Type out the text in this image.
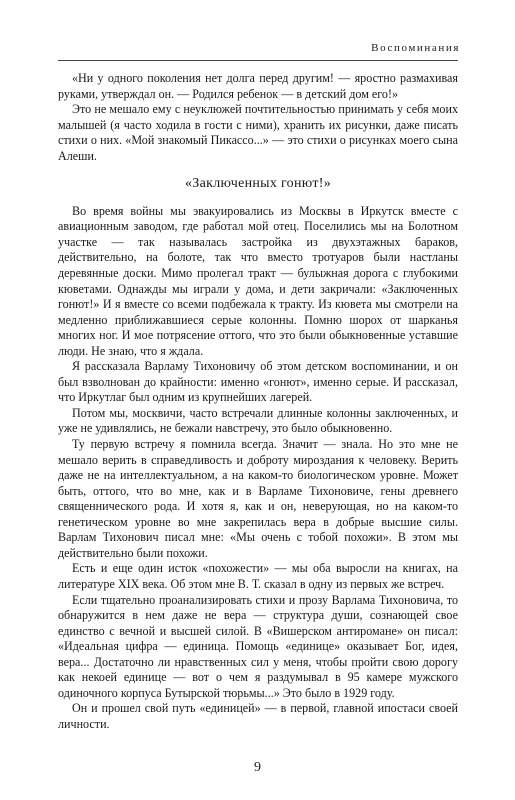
Воспоминания

«Ни у одного поколения нет долга перед другим! — яростно размахивая руками, утверждал он. — Родился ребенок — в детский дом его!»

Это не мешало ему с неуклюжей почтительностью принимать у себя моих малышей (я часто ходила в гости с ними), хранить их рисунки, даже писать стихи о них. «Мой знакомый Пикассо...» — это стихи о рисунках моего сына Алеши.

«Заключенных гонют!»

Во время войны мы эвакуировались из Москвы в Иркутск вместе с авиационным заводом, где работал мой отец. Поселились мы на Болотном участке — так называлась застройка из двухэтажных бараков, действительно, на болоте, так что вместо тротуаров были настланы деревянные доски. Мимо пролегал тракт — булыжная дорога с глубокими кюветами. Однажды мы играли у дома, и дети закричали: «Заключенных гонют!» И я вместе со всеми подбежала к тракту. Из кювета мы смотрели на медленно приближавшиеся серые колонны. Помню шорох от шарканья многих ног. И мое потрясение оттого, что это были обыкновенные уставшие люди. Не знаю, что я ждала.

Я рассказала Варламу Тихоновичу об этом детском воспоминании, и он был взволнован до крайности: именно «гонют», именно серые. И рассказал, что Иркутлаг был одним из крупнейших лагерей.

Потом мы, москвичи, часто встречали длинные колонны заключенных, и уже не удивлялись, не бежали навстречу, это было обыкновенно.

Ту первую встречу я помнила всегда. Значит — знала. Но это мне не мешало верить в справедливость и доброту мироздания к человеку. Верить даже не на интеллектуальном, а на каком-то биологическом уровне. Может быть, оттого, что во мне, как и в Варламе Тихоновиче, гены древнего священнического рода. И хотя я, как и он, неверующая, но на каком-то генетическом уровне во мне закрепилась вера в добрые высшие силы. Варлам Тихонович писал мне: «Мы очень с тобой похожи». В этом мы действительно были похожи.

Есть и еще один исток «похожести» — мы оба выросли на книгах, на литературе XIX века. Об этом мне В. Т. сказал в одну из первых же встреч.

Если тщательно проанализировать стихи и прозу Варлама Тихоновича, то обнаружится в нем даже не вера — структура души, сознающей свое единство с вечной и высшей силой. В «Вишерском антиромане» он писал: «Идеальная цифра — единица. Помощь «единице» оказывает Бог, идея, вера... Достаточно ли нравственных сил у меня, чтобы пройти свою дорогу как некоей единице — вот о чем я раздумывал в 95 камере мужского одиночного корпуса Бутырской тюрьмы...» Это было в 1929 году.

Он и прошел свой путь «единицей» — в первой, главной ипостаси своей личности.

9
